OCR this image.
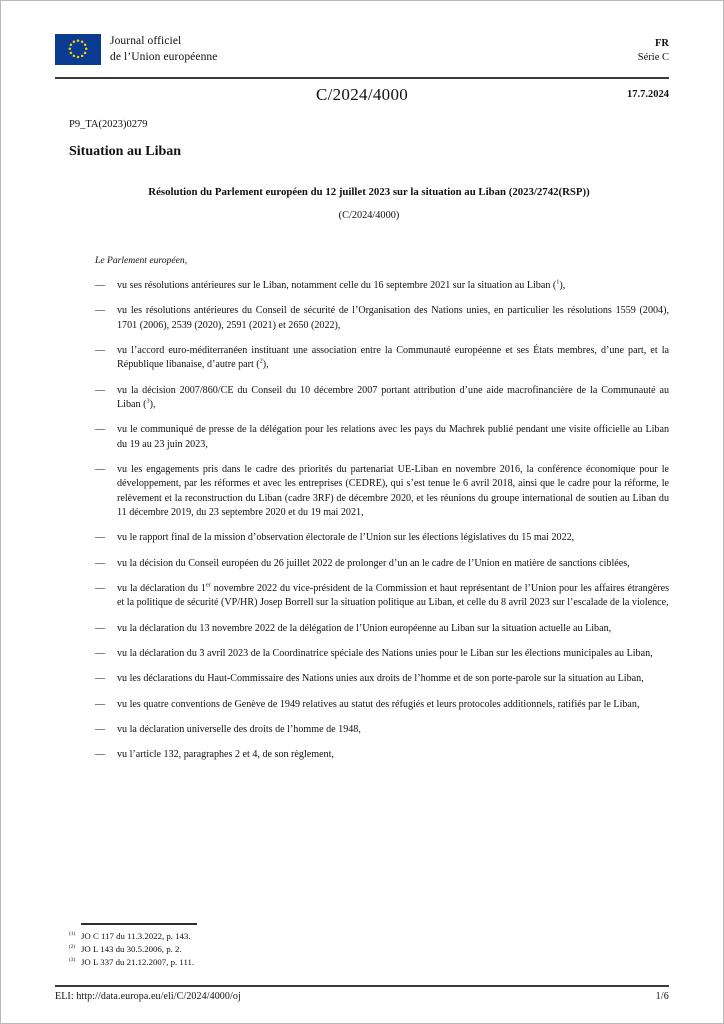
Journal officiel
de l’Union européenne
FR
Série C
C/2024/4000	17.7.2024

P9_TA(2023)0279

Situation au Liban

Résolution du Parlement européen du 12 juillet 2023 sur la situation au Liban (2023/2742(RSP))

(C/2024/4000)

Le Parlement européen,

— vu ses résolutions antérieures sur le Liban, notamment celle du 16 septembre 2021 sur la situation au Liban ($^1$),
— vu les résolutions antérieures du Conseil de sécurité de l’Organisation des Nations unies, en particulier les résolutions 1559 (2004), 1701 (2006), 2539 (2020), 2591 (2021) et 2650 (2022),
— vu l’accord euro-méditerranéen instituant une association entre la Communauté européenne et ses États membres, d’une part, et la République libanaise, d’autre part ($^2$),
— vu la décision 2007/860/CE du Conseil du 10 décembre 2007 portant attribution d’une aide macrofinancière de la Communauté au Liban ($^3$),
— vu le communiqué de presse de la délégation pour les relations avec les pays du Machrek publié pendant une visite officielle au Liban du 19 au 23 juin 2023,
— vu les engagements pris dans le cadre des priorités du partenariat UE-Liban en novembre 2016, la conférence économique pour le développement, par les réformes et avec les entreprises (CEDRE), qui s’est tenue le 6 avril 2018, ainsi que le cadre pour la réforme, le relèvement et la reconstruction du Liban (cadre 3RF) de décembre 2020, et les réunions du groupe international de soutien au Liban du 11 décembre 2019, du 23 septembre 2020 et du 19 mai 2021,
— vu le rapport final de la mission d’observation électorale de l’Union sur les élections législatives du 15 mai 2022,
— vu la décision du Conseil européen du 26 juillet 2022 de prolonger d’un an le cadre de l’Union en matière de sanctions ciblées,
— vu la déclaration du 1er novembre 2022 du vice-président de la Commission et haut représentant de l’Union pour les affaires étrangères et la politique de sécurité (VP/HR) Josep Borrell sur la situation politique au Liban, et celle du 8 avril 2023 sur l’escalade de la violence,
— vu la déclaration du 13 novembre 2022 de la délégation de l’Union européenne au Liban sur la situation actuelle au Liban,
— vu la déclaration du 3 avril 2023 de la Coordinatrice spéciale des Nations unies pour le Liban sur les élections municipales au Liban,
— vu les déclarations du Haut-Commissaire des Nations unies aux droits de l’homme et de son porte-parole sur la situation au Liban,
— vu les quatre conventions de Genève de 1949 relatives au statut des réfugiés et leurs protocoles additionnels, ratifiés par le Liban,
— vu la déclaration universelle des droits de l’homme de 1948,
— vu l’article 132, paragraphes 2 et 4, de son règlement,
$^{(1)}$ JO C 117 du 11.3.2022, p. 143.
$^{(2)}$ JO L 143 du 30.5.2006, p. 2.
$^{(3)}$ JO L 337 du 21.12.2007, p. 111.
ELI: http://data.europa.eu/eli/C/2024/4000/oj	1/6
